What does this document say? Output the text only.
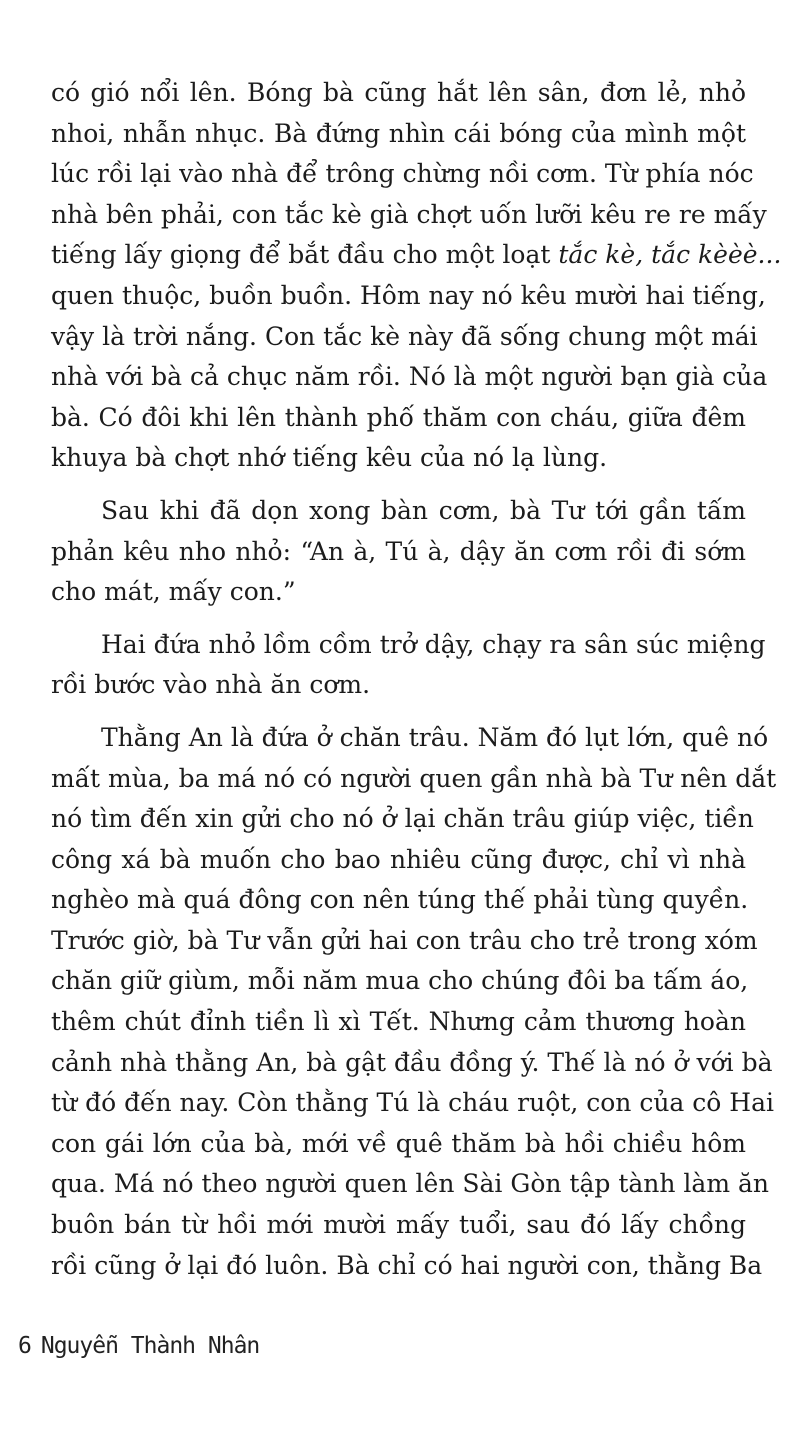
có gió nổi lên. Bóng bà cũng hắt lên sân, đơn lẻ, nhỏ
nhoi, nhẫn nhục. Bà đứng nhìn cái bóng của mình một
lúc rồi lại vào nhà để trông chừng nồi cơm. Từ phía nóc
nhà bên phải, con tắc kè già chợt uốn lưỡi kêu re re mấy
tiếng lấy giọng để bắt đầu cho một loạt tắc kè, tắc kèèè...
quen thuộc, buồn buồn. Hôm nay nó kêu mười hai tiếng,
vậy là trời nắng. Con tắc kè này đã sống chung một mái
nhà với bà cả chục năm rồi. Nó là một người bạn già của
bà. Có đôi khi lên thành phố thăm con cháu, giữa đêm
khuya bà chợt nhớ tiếng kêu của nó lạ lùng.
Sau khi đã dọn xong bàn cơm, bà Tư tới gần tấm
phản kêu nho nhỏ: “An à, Tú à, dậy ăn cơm rồi đi sớm
cho mát, mấy con.”
Hai đứa nhỏ lồm cồm trở dậy, chạy ra sân súc miệng
rồi bước vào nhà ăn cơm.
Thằng An là đứa ở chăn trâu. Năm đó lụt lớn, quê nó
mất mùa, ba má nó có người quen gần nhà bà Tư nên dắt
nó tìm đến xin gửi cho nó ở lại chăn trâu giúp việc, tiền
công xá bà muốn cho bao nhiêu cũng được, chỉ vì nhà
nghèo mà quá đông con nên túng thế phải tùng quyền.
Trước giờ, bà Tư vẫn gửi hai con trâu cho trẻ trong xóm
chăn giữ giùm, mỗi năm mua cho chúng đôi ba tấm áo,
thêm chút đỉnh tiền lì xì Tết. Nhưng cảm thương hoàn
cảnh nhà thằng An, bà gật đầu đồng ý. Thế là nó ở với bà
từ đó đến nay. Còn thằng Tú là cháu ruột, con của cô Hai
con gái lớn của bà, mới về quê thăm bà hồi chiều hôm
qua. Má nó theo người quen lên Sài Gòn tập tành làm ăn
buôn bán từ hồi mới mười mấy tuổi, sau đó lấy chồng
rồi cũng ở lại đó luôn. Bà chỉ có hai người con, thằng Ba
6 Nguyễn Thành Nhân
